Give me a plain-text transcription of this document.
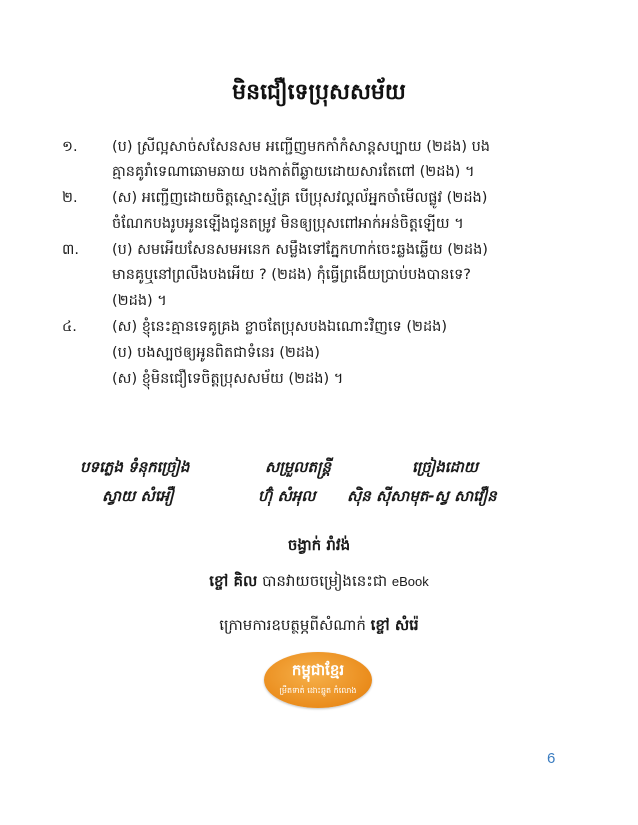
មិនជឿទេប្រុសសម័យ
១. (ប) ស្រីល្អសាច់សសែនសម អញ្ជើញមកកាំកំសាន្តសប្បាយ (២ដង) បង
គ្មានគូរាំទេណាឆោមឆាយ បងកាត់ពីឆ្ងាយដោយសារតែពៅ (២ដង) ។
២. (ស) អញ្ជើញដោយចិត្តស្មោះស្ម័គ្រ បើប្រុសវល្គល័អ្នកចាំមើលផ្លូវ (២ដង)
ចំណែកបងរូបអូនឡើងជូនតម្រូវ មិនឲ្យប្រុសពៅអាក់អន់ចិត្តឡើយ ។
៣. (ប) សមអើយសែនសមអនេក សម្លឹងទៅភ្នែកហាក់ចេះឆ្លងឆ្លើយ (២ដង)
មានគូឬនៅព្រលឹងបងអើយ ? (២ដង) កុំធ្វើព្រងើយប្រាប់បងបានទេ?
(២ដង) ។
៤. (ស) ខ្ញុំនេះគ្មានទេគូគ្រង ខ្លាចតែប្រុសបងឯណោះវិញទេ (២ដង)
(ប) បងស្បថឲ្យអូនពិតជាទំនេរ (២ដង)
(ស) ខ្ញុំមិនជឿទេចិត្តប្រុសសម័យ (២ដង) ។
បទភ្លេង ទំនុកច្រៀង
ស្វាយ សំអឿ
សម្រួលតន្ត្រី
ហ៊ុំ សំអុល
ច្រៀងដោយ
ស៊ិន ស៊ីសាមុត-ស្វ សាវឿន
ចង្វាក់ រាំវង់
ខ្ចៅ គិល បានវាយចម្រៀងនេះជា eBook
ក្រោមការឧបត្ថម្ភពីសំណាក់ ខ្ចៅ សំរ៉េ
កម្ពុជាខ្មែរ
ម្រឹតទាត់ ដោះឆ្នូត កំលោង
6
